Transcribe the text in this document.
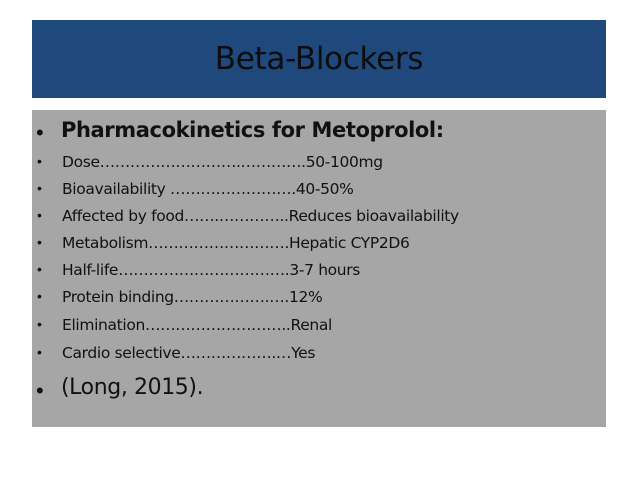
Beta-Blockers
• Pharmacokinetics for Metoprolol:
• Dose……………………….………….50-100mg
• Bioavailability …………………….40-50%
• Affected by food…….…………..Reduces bioavailability
• Metabolism……………………….Hepatic CYP2D6
• Half-life…………………………….3-7 hours
• Protein binding……………….….12%
• Elimination………………………..Renal
• Cardio selective……………….…Yes
• (Long, 2015).
